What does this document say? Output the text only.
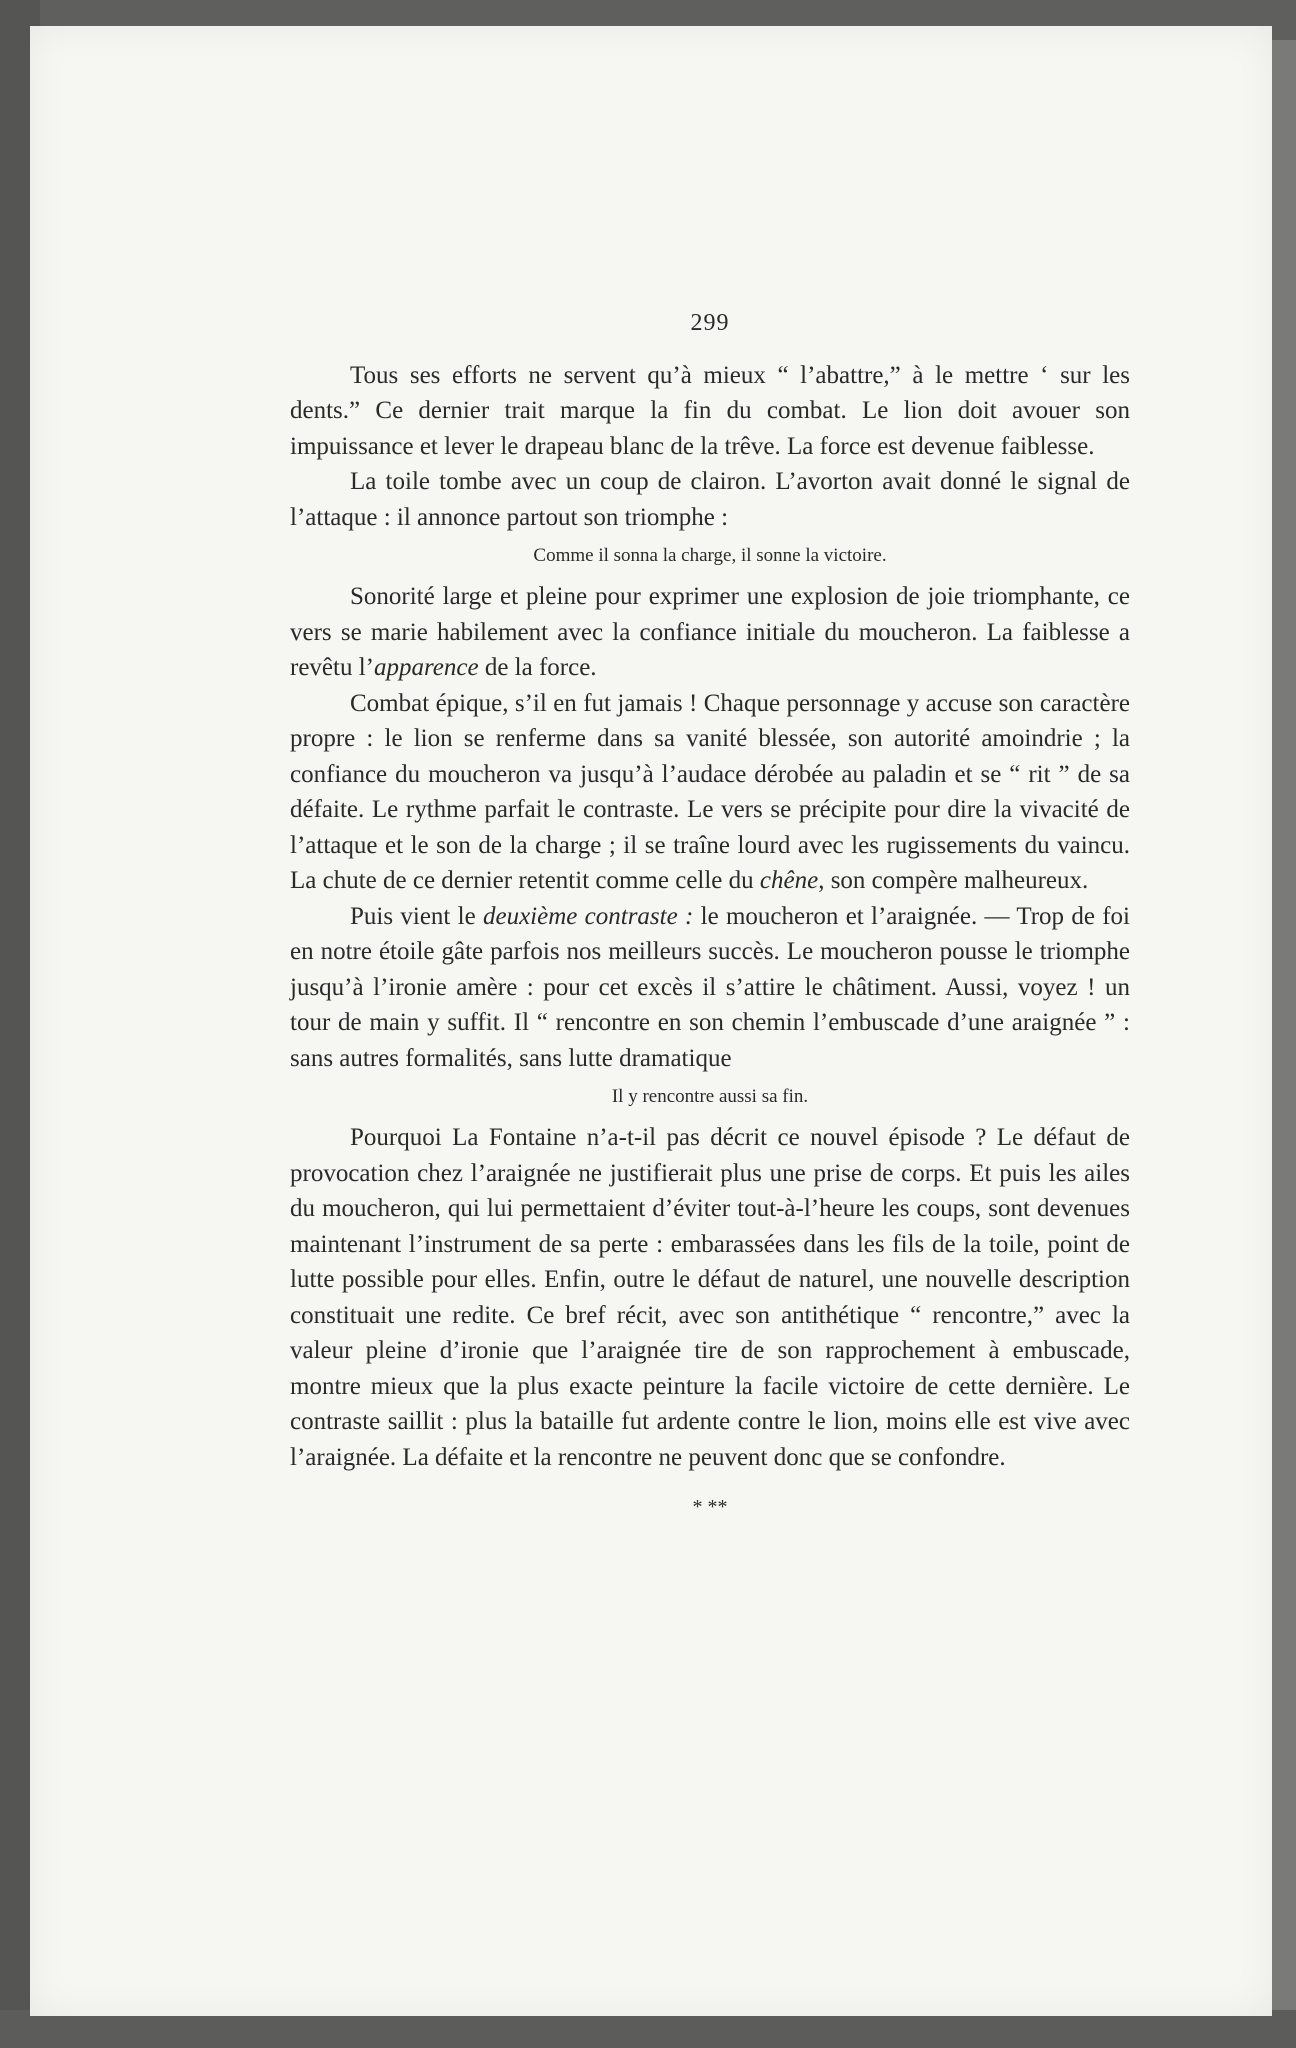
299

Tous ses efforts ne servent qu’à mieux “ l’abattre,” à le mettre ‘ sur les dents.” Ce dernier trait marque la fin du combat. Le lion doit avouer son impuissance et lever le drapeau blanc de la trêve. La force est devenue faiblesse.

La toile tombe avec un coup de clairon. L’avorton avait donné le signal de l’attaque : il annonce partout son triomphe :

Comme il sonna la charge, il sonne la victoire.

Sonorité large et pleine pour exprimer une explosion de joie triomphante, ce vers se marie habilement avec la confiance initiale du moucheron. La faiblesse a revêtu l’apparence de la force.

Combat épique, s’il en fut jamais ! Chaque personnage y accuse son caractère propre : le lion se renferme dans sa vanité blessée, son autorité amoindrie ; la confiance du moucheron va jusqu’à l’audace dérobée au paladin et se “ rit ” de sa défaite. Le rythme parfait le contraste. Le vers se précipite pour dire la vivacité de l’attaque et le son de la charge ; il se traîne lourd avec les rugissements du vaincu. La chute de ce dernier retentit comme celle du chêne, son compère malheureux.

Puis vient le deuxième contraste : le moucheron et l’araignée. — Trop de foi en notre étoile gâte parfois nos meilleurs succès. Le moucheron pousse le triomphe jusqu’à l’ironie amère : pour cet excès il s’attire le châtiment. Aussi, voyez ! un tour de main y suffit. Il “ rencontre en son chemin l’embuscade d’une araignée ” : sans autres formalités, sans lutte dramatique

Il y rencontre aussi sa fin.

Pourquoi La Fontaine n’a-t-il pas décrit ce nouvel épisode ? Le défaut de provocation chez l’araignée ne justifierait plus une prise de corps. Et puis les ailes du moucheron, qui lui permettaient d’éviter tout-à-l’heure les coups, sont devenues maintenant l’instrument de sa perte : embarassées dans les fils de la toile, point de lutte possible pour elles. Enfin, outre le défaut de naturel, une nouvelle description constituait une redite. Ce bref récit, avec son antithétique “ rencontre,” avec la valeur pleine d’ironie que l’araignée tire de son rapprochement à embuscade, montre mieux que la plus exacte peinture la facile victoire de cette dernière. Le contraste saillit : plus la bataille fut ardente contre le lion, moins elle est vive avec l’araignée. La défaite et la rencontre ne peuvent donc que se confondre.

* **
